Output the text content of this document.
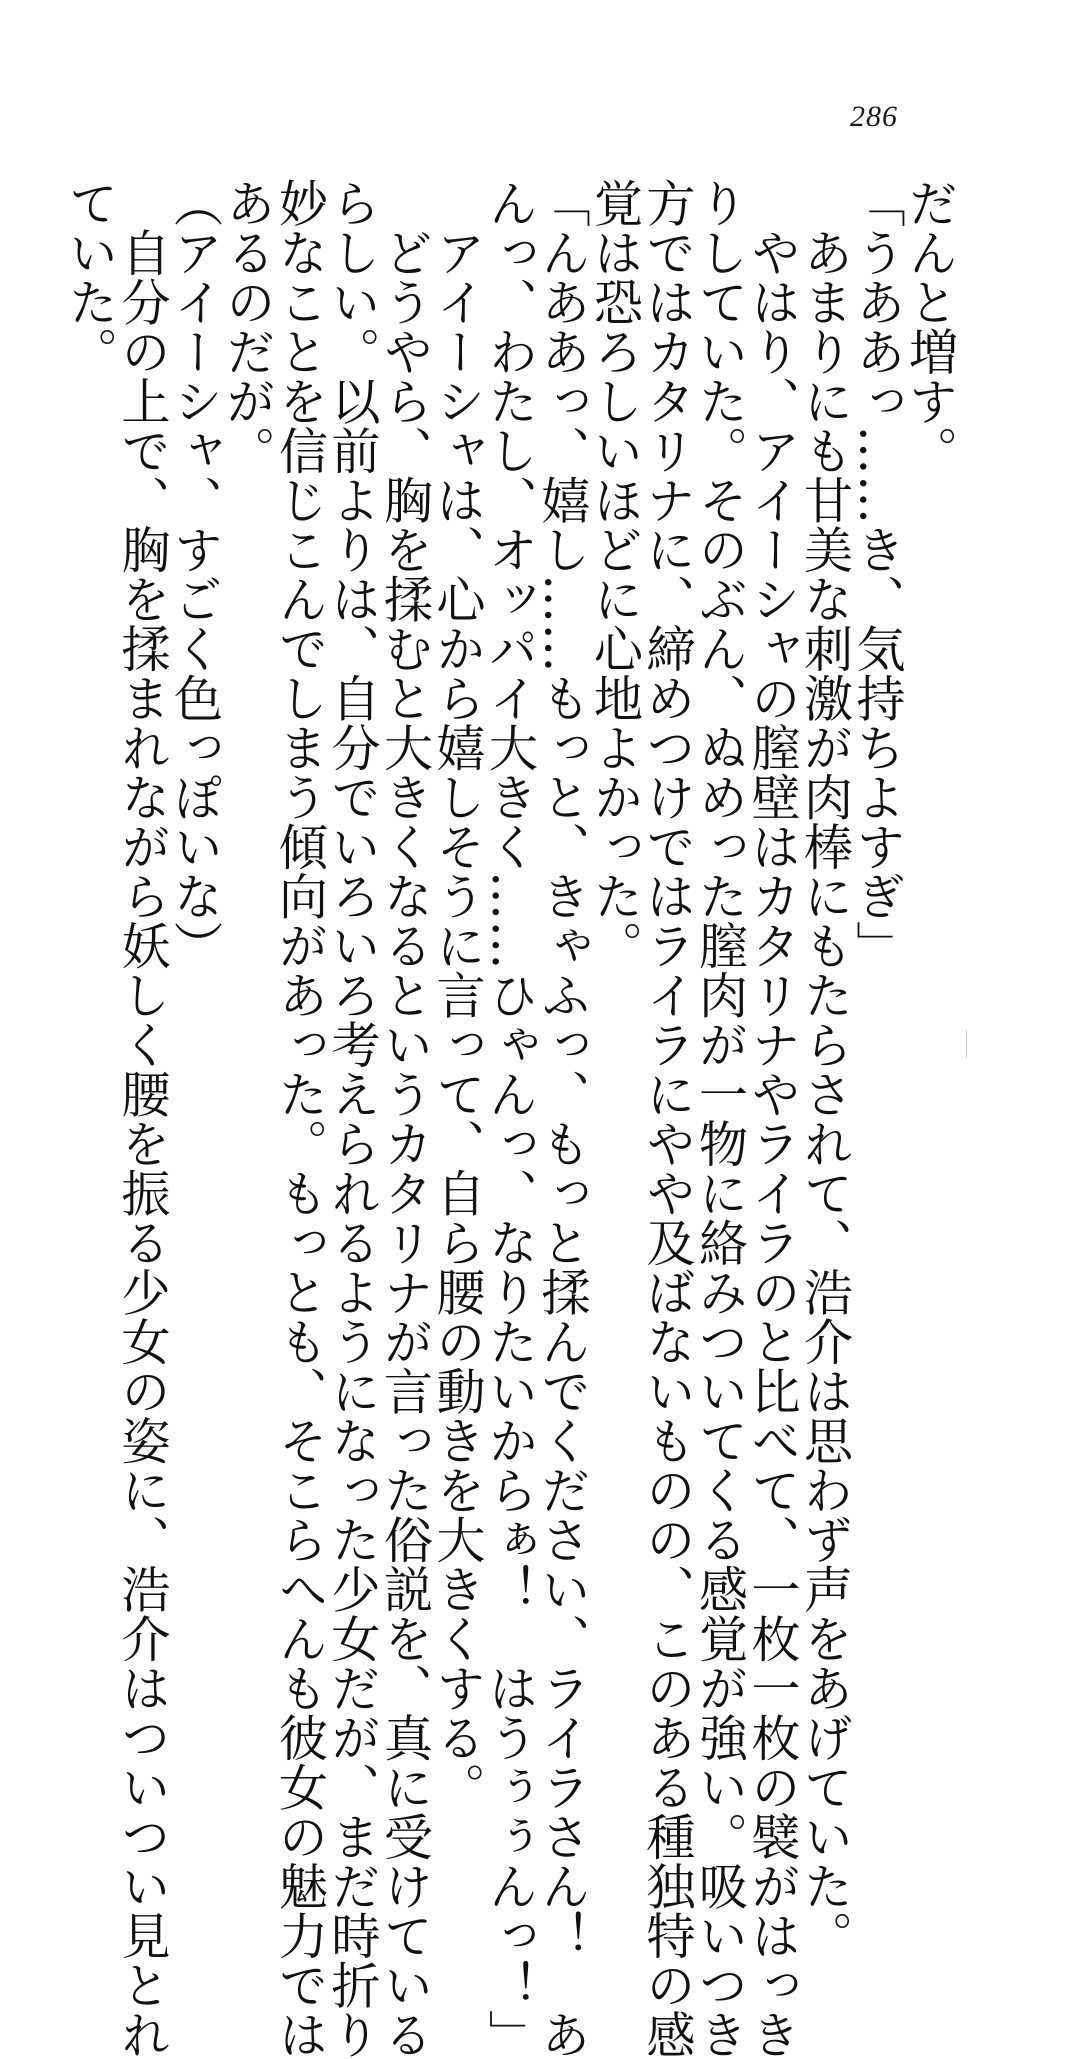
286

だんと増す。

「うああっ……き、気持ちよすぎ」

　あまりにも甘美な刺激が肉棒にもたらされて、浩介は思わず声をあげていた。

　やはり、アイーシャの膣壁はカタリナやライラのと比べて、一枚一枚の襞がはっき

りしていた。そのぶん、ぬめった膣肉が一物に絡みついてくる感覚が強い。吸いつき

方ではカタリナに、締めつけではライラにやや及ばないものの、このある種独特の感

覚は恐ろしいほどに心地よかった。

「んああっ、嬉し……もっと、きゃふっ、もっと揉んでください、ライラさん！　あ

んっ、わたし、オッパイ大きく……ひゃんっ、なりたいからぁ！　はうぅぅんっ！」

　アイーシャは、心から嬉しそうに言って、自ら腰の動きを大きくする。

　どうやら、胸を揉むと大きくなるというカタリナが言った俗説を、真に受けている

らしい。以前よりは、自分でいろいろ考えられるようになった少女だが、まだ時折り

妙なことを信じこんでしまう傾向があった。もっとも、そこらへんも彼女の魅力では

あるのだが。

（アイーシャ、すごく色っぽいな）

　自分の上で、胸を揉まれながら妖しく腰を振る少女の姿に、浩介はついつい見とれ

ていた。
